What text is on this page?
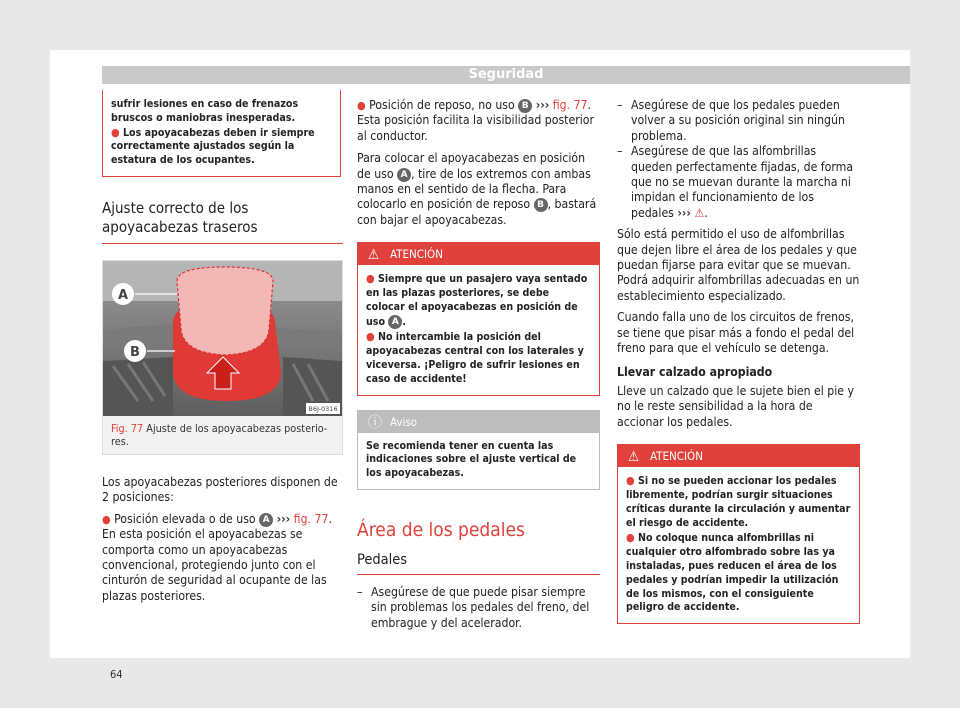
Seguridad

sufrir lesiones en caso de frenazos bruscos o maniobras inesperadas.

● Los apoyacabezas deben ir siempre correctamente ajustados según la estatura de los ocupantes.

Ajuste correcto de los apoyacabezas traseros
A
B
B6J-0316
Fig. 77 Ajuste de los apoyacabezas posteriores.

Los apoyacabezas posteriores disponen de 2 posiciones:

● Posición elevada o de uso A ››› fig. 77. En esta posición el apoyacabezas se comporta como un apoyacabezas convencional, protegiendo junto con el cinturón de seguridad al ocupante de las plazas posteriores.

● Posición de reposo, no uso B ››› fig. 77. Esta posición facilita la visibilidad posterior al conductor.

Para colocar el apoyacabezas en posición de uso A , tire de los extremos con ambas manos en el sentido de la flecha. Para colocarlo en posición de reposo B , bastará con bajar el apoyacabezas.

⚠ ATENCIÓN

● Siempre que un pasajero vaya sentado en las plazas posteriores, se debe colocar el apoyacabezas en posición de uso A .

● No intercambie la posición del apoyacabezas central con los laterales y viceversa. ¡Peligro de sufrir lesiones en caso de accidente!

ⓘ Aviso

Se recomienda tener en cuenta las indicaciones sobre el ajuste vertical de los apoyacabezas.

Área de los pedales
Pedales

– Asegúrese de que puede pisar siempre sin problemas los pedales del freno, del embrague y del acelerador.

– Asegúrese de que los pedales pueden volver a su posición original sin ningún problema.

– Asegúrese de que las alfombrillas queden perfectamente fijadas, de forma que no se muevan durante la marcha ni impidan el funcionamiento de los pedales ››› ⚠.

Sólo está permitido el uso de alfombrillas que dejen libre el área de los pedales y que puedan fijarse para evitar que se muevan. Podrá adquirir alfombrillas adecuadas en un establecimiento especializado.

Cuando falla uno de los circuitos de frenos, se tiene que pisar más a fondo el pedal del freno para que el vehículo se detenga.

Llevar calzado apropiado

Lleve un calzado que le sujete bien el pie y no le reste sensibilidad a la hora de accionar los pedales.

⚠ ATENCIÓN

● Si no se pueden accionar los pedales libremente, podrían surgir situaciones críticas durante la circulación y aumentar el riesgo de accidente.

● No coloque nunca alfombrillas ni cualquier otro alfombrado sobre las ya instaladas, pues reducen el área de los pedales y podrían impedir la utilización de los mismos, con el consiguiente peligro de accidente.

64
